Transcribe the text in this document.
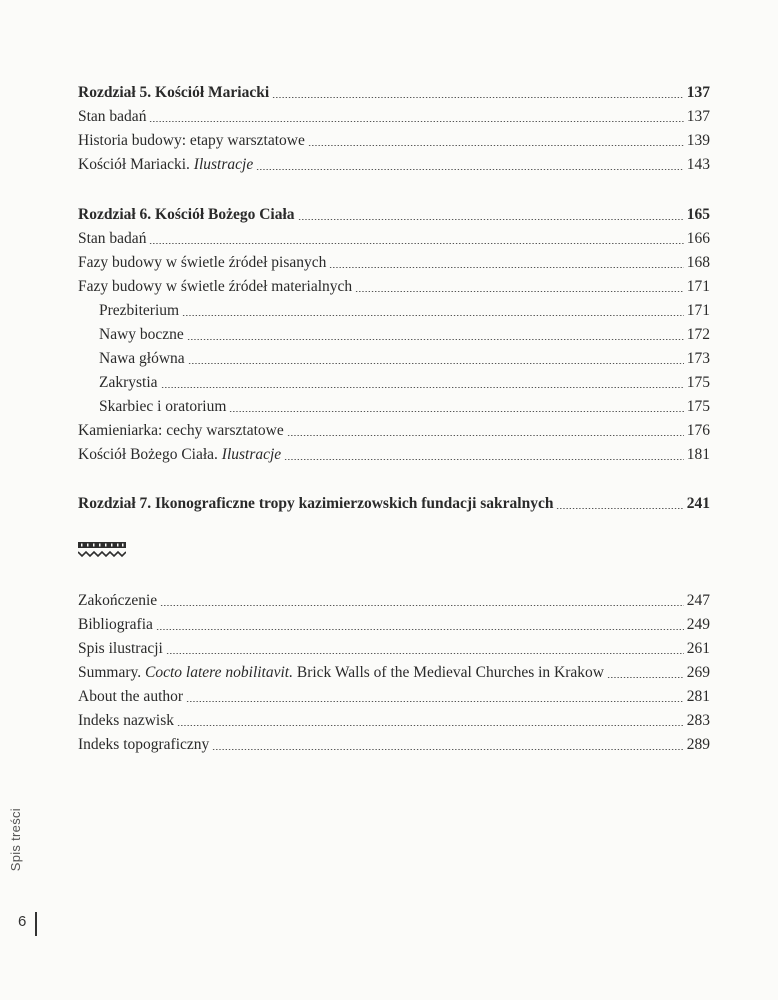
Rozdział 5. Kościół Mariacki	137
Stan badań	137
Historia budowy: etapy warsztatowe	139
Kościół Mariacki. Ilustracje	143
Rozdział 6. Kościół Bożego Ciała	165
Stan badań	166
Fazy budowy w świetle źródeł pisanych	168
Fazy budowy w świetle źródeł materialnych	171
Prezbiterium	171
Nawy boczne	172
Nawa główna	173
Zakrystia	175
Skarbiec i oratorium	175
Kamieniarka: cechy warsztatowe	176
Kościół Bożego Ciała. Ilustracje	181
Rozdział 7. Ikonograficzne tropy kazimierzowskich fundacji sakralnych	241
Zakończenie	247
Bibliografia	249
Spis ilustracji	261
Summary. Cocto latere nobilitavit. Brick Walls of the Medieval Churches in Krakow	269
About the author	281
Indeks nazwisk	283
Indeks topograficzny	289
Spis treści
6
